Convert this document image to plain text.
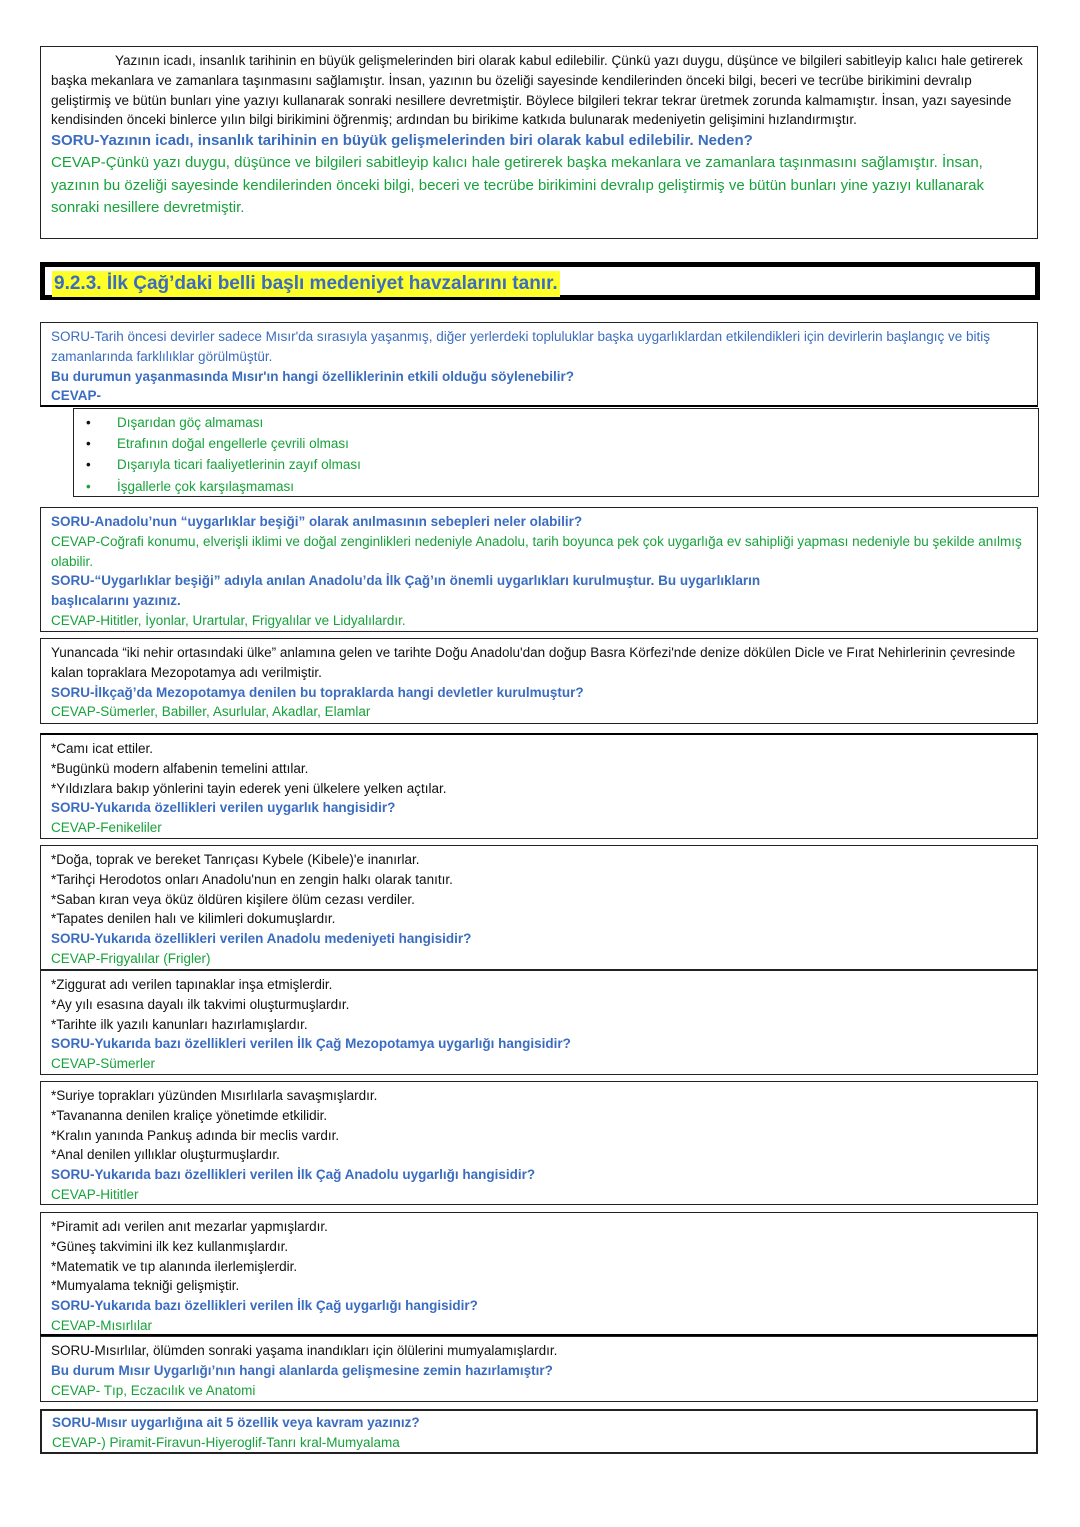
Yazının icadı, insanlık tarihinin en büyük gelişmelerinden biri olarak kabul edilebilir. Çünkü yazı duygu, düşünce ve bilgileri sabitleyip kalıcı hale getirerek başka mekanlara ve zamanlara taşınmasını sağlamıştır. İnsan, yazının bu özeliği sayesinde kendilerinden önceki bilgi, beceri ve tecrübe birikimini devralıp geliştirmiş ve bütün bunları yine yazıyı kullanarak sonraki nesillere devretmiştir. Böylece bilgileri tekrar tekrar üretmek zorunda kalmamıştır. İnsan, yazı sayesinde kendisinden önceki binlerce yılın bilgi birikimini öğrenmiş; ardından bu birikime katkıda bulunarak medeniyetin gelişimini hızlandırmıştır.

SORU-Yazının icadı, insanlık tarihinin en büyük gelişmelerinden biri olarak kabul edilebilir. Neden?

CEVAP-Çünkü yazı duygu, düşünce ve bilgileri sabitleyip kalıcı hale getirerek başka mekanlara ve zamanlara taşınmasını sağlamıştır. İnsan, yazının bu özeliği sayesinde kendilerinden önceki bilgi, beceri ve tecrübe birikimini devralıp geliştirmiş ve bütün bunları yine yazıyı kullanarak sonraki nesillere devretmiştir.

9.2.3. İlk Çağ’daki belli başlı medeniyet havzalarını tanır.

SORU-Tarih öncesi devirler sadece Mısır'da sırasıyla yaşanmış, diğer yerlerdeki topluluklar başka uygarlıklardan etkilendikleri için devirlerin başlangıç ve bitiş zamanlarında farklılıklar görülmüştür.

Bu durumun yaşanmasında Mısır'ın hangi özelliklerinin etkili olduğu söylenebilir?

CEVAP-

• Dışarıdan göç almaması
• Etrafının doğal engellerle çevrili olması
• Dışarıyla ticari faaliyetlerinin zayıf olması
• İşgallerle çok karşılaşmaması

SORU-Anadolu’nun “uygarlıklar beşiği” olarak anılmasının sebepleri neler olabilir?

CEVAP-Coğrafi konumu, elverişli iklimi ve doğal zenginlikleri nedeniyle Anadolu, tarih boyunca pek çok uygarlığa ev sahipliği yapması nedeniyle bu şekilde anılmış olabilir.

SORU-“Uygarlıklar beşiği” adıyla anılan Anadolu’da İlk Çağ’ın önemli uygarlıkları kurulmuştur. Bu uygarlıkların

başlıcalarını yazınız.

CEVAP-Hititler, İyonlar, Urartular, Frigyalılar ve Lidyalılardır.

Yunancada “iki nehir ortasındaki ülke” anlamına gelen ve tarihte Doğu Anadolu'dan doğup Basra Körfezi'nde denize dökülen Dicle ve Fırat Nehirlerinin çevresinde kalan topraklara Mezopotamya adı verilmiştir.

SORU-İlkçağ’da Mezopotamya denilen bu topraklarda hangi devletler kurulmuştur?

CEVAP-Sümerler, Babiller, Asurlular, Akadlar, Elamlar

*Camı icat ettiler.

*Bugünkü modern alfabenin temelini attılar.

*Yıldızlara bakıp yönlerini tayin ederek yeni ülkelere yelken açtılar.

SORU-Yukarıda özellikleri verilen uygarlık hangisidir?

CEVAP-Fenikeliler

*Doğa, toprak ve bereket Tanrıçası Kybele (Kibele)'e inanırlar.

*Tarihçi Herodotos onları Anadolu'nun en zengin halkı olarak tanıtır.

*Saban kıran veya öküz öldüren kişilere ölüm cezası verdiler.

*Tapates denilen halı ve kilimleri dokumuşlardır.

SORU-Yukarıda özellikleri verilen Anadolu medeniyeti hangisidir?

CEVAP-Frigyalılar (Frigler)

*Ziggurat adı verilen tapınaklar inşa etmişlerdir.

*Ay yılı esasına dayalı ilk takvimi oluşturmuşlardır.

*Tarihte ilk yazılı kanunları hazırlamışlardır.

SORU-Yukarıda bazı özellikleri verilen İlk Çağ Mezopotamya uygarlığı hangisidir?

CEVAP-Sümerler

*Suriye toprakları yüzünden Mısırlılarla savaşmışlardır.

*Tavananna denilen kraliçe yönetimde etkilidir.

*Kralın yanında Pankuş adında bir meclis vardır.

*Anal denilen yıllıklar oluşturmuşlardır.

SORU-Yukarıda bazı özellikleri verilen İlk Çağ Anadolu uygarlığı hangisidir?

CEVAP-Hititler

*Piramit adı verilen anıt mezarlar yapmışlardır.

*Güneş takvimini ilk kez kullanmışlardır.

*Matematik ve tıp alanında ilerlemişlerdir.

*Mumyalama tekniği gelişmiştir.

SORU-Yukarıda bazı özellikleri verilen İlk Çağ uygarlığı hangisidir?

CEVAP-Mısırlılar

SORU-Mısırlılar, ölümden sonraki yaşama inandıkları için ölülerini mumyalamışlardır.

Bu durum Mısır Uygarlığı’nın hangi alanlarda gelişmesine zemin hazırlamıştır?

CEVAP- Tıp, Eczacılık ve Anatomi

SORU-Mısır uygarlığına ait 5 özellik veya kavram yazınız?

CEVAP-) Piramit-Firavun-Hiyeroglif-Tanrı kral-Mumyalama
